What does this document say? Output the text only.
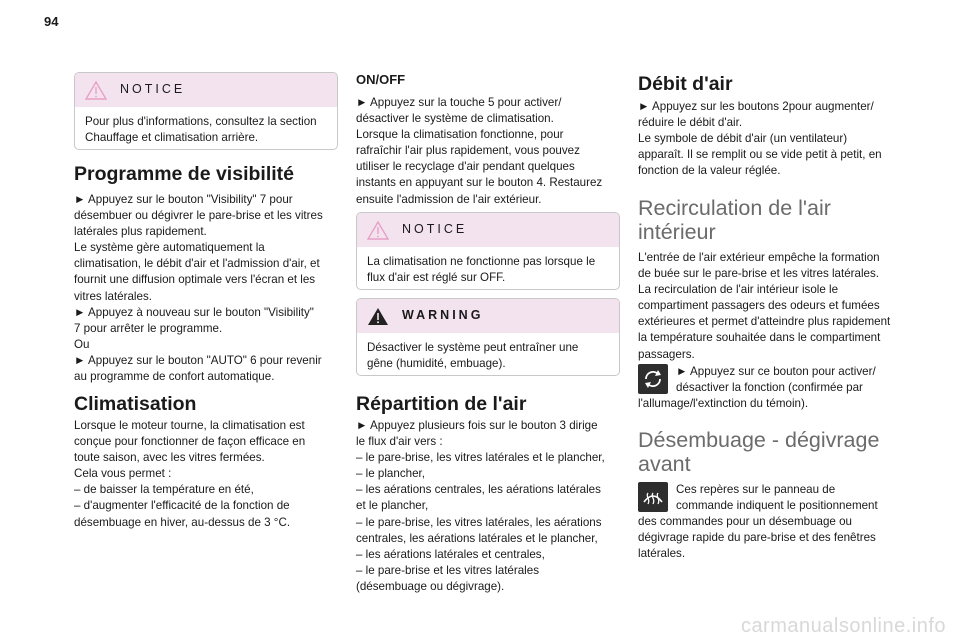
94
NOTICE

Pour plus d'informations, consultez la section

Chauffage et climatisation arrière.

Programme de visibilité

► Appuyez sur le bouton "Visibility" 7 pour

désembuer ou dégivrer le pare-brise et les vitres

latérales plus rapidement.

Le système gère automatiquement la

climatisation, le débit d'air et l'admission d'air, et

fournit une diffusion optimale vers l'écran et les

vitres latérales.

► Appuyez à nouveau sur le bouton "Visibility"

7 pour arrêter le programme.

Ou

► Appuyez sur le bouton "AUTO" 6 pour revenir

au programme de confort automatique.

Climatisation

Lorsque le moteur tourne, la climatisation est

conçue pour fonctionner de façon efficace en

toute saison, avec les vitres fermées.

Cela vous permet :

– de baisser la température en été,

– d'augmenter l'efficacité de la fonction de

désembuage en hiver, au-dessus de 3 °C.

ON/OFF

► Appuyez sur la touche 5 pour activer/

désactiver le système de climatisation.

Lorsque la climatisation fonctionne, pour

rafraîchir l'air plus rapidement, vous pouvez

utiliser le recyclage d'air pendant quelques

instants en appuyant sur le bouton 4. Restaurez

ensuite l'admission de l'air extérieur.

NOTICE

La climatisation ne fonctionne pas lorsque le

flux d'air est réglé sur OFF.

WARNING

Désactiver le système peut entraîner une

gêne (humidité, embuage).

Répartition de l'air

► Appuyez plusieurs fois sur le bouton 3 dirige

le flux d'air vers :

– le pare-brise, les vitres latérales et le plancher,

– le plancher,

– les aérations centrales, les aérations latérales

et le plancher,

– le pare-brise, les vitres latérales, les aérations

centrales, les aérations latérales et le plancher,

– les aérations latérales et centrales,

– le pare-brise et les vitres latérales

(désembuage ou dégivrage).

Débit d'air

► Appuyez sur les boutons 2pour augmenter/

réduire le débit d'air.

Le symbole de débit d'air (un ventilateur)

apparaît. Il se remplit ou se vide petit à petit, en

fonction de la valeur réglée.

Recirculation de l'air
intérieur

L'entrée de l'air extérieur empêche la formation

de buée sur le pare-brise et les vitres latérales.

La recirculation de l'air intérieur isole le

compartiment passagers des odeurs et fumées

extérieures et permet d'atteindre plus rapidement

la température souhaitée dans le compartiment

passagers.

► Appuyez sur ce bouton pour activer/

désactiver la fonction (confirmée par

l'allumage/l'extinction du témoin).

Désembuage - dégivrage
avant

Ces repères sur le panneau de

commande indiquent le positionnement

des commandes pour un désembuage ou

dégivrage rapide du pare-brise et des fenêtres

latérales.

carmanualsonline.info
